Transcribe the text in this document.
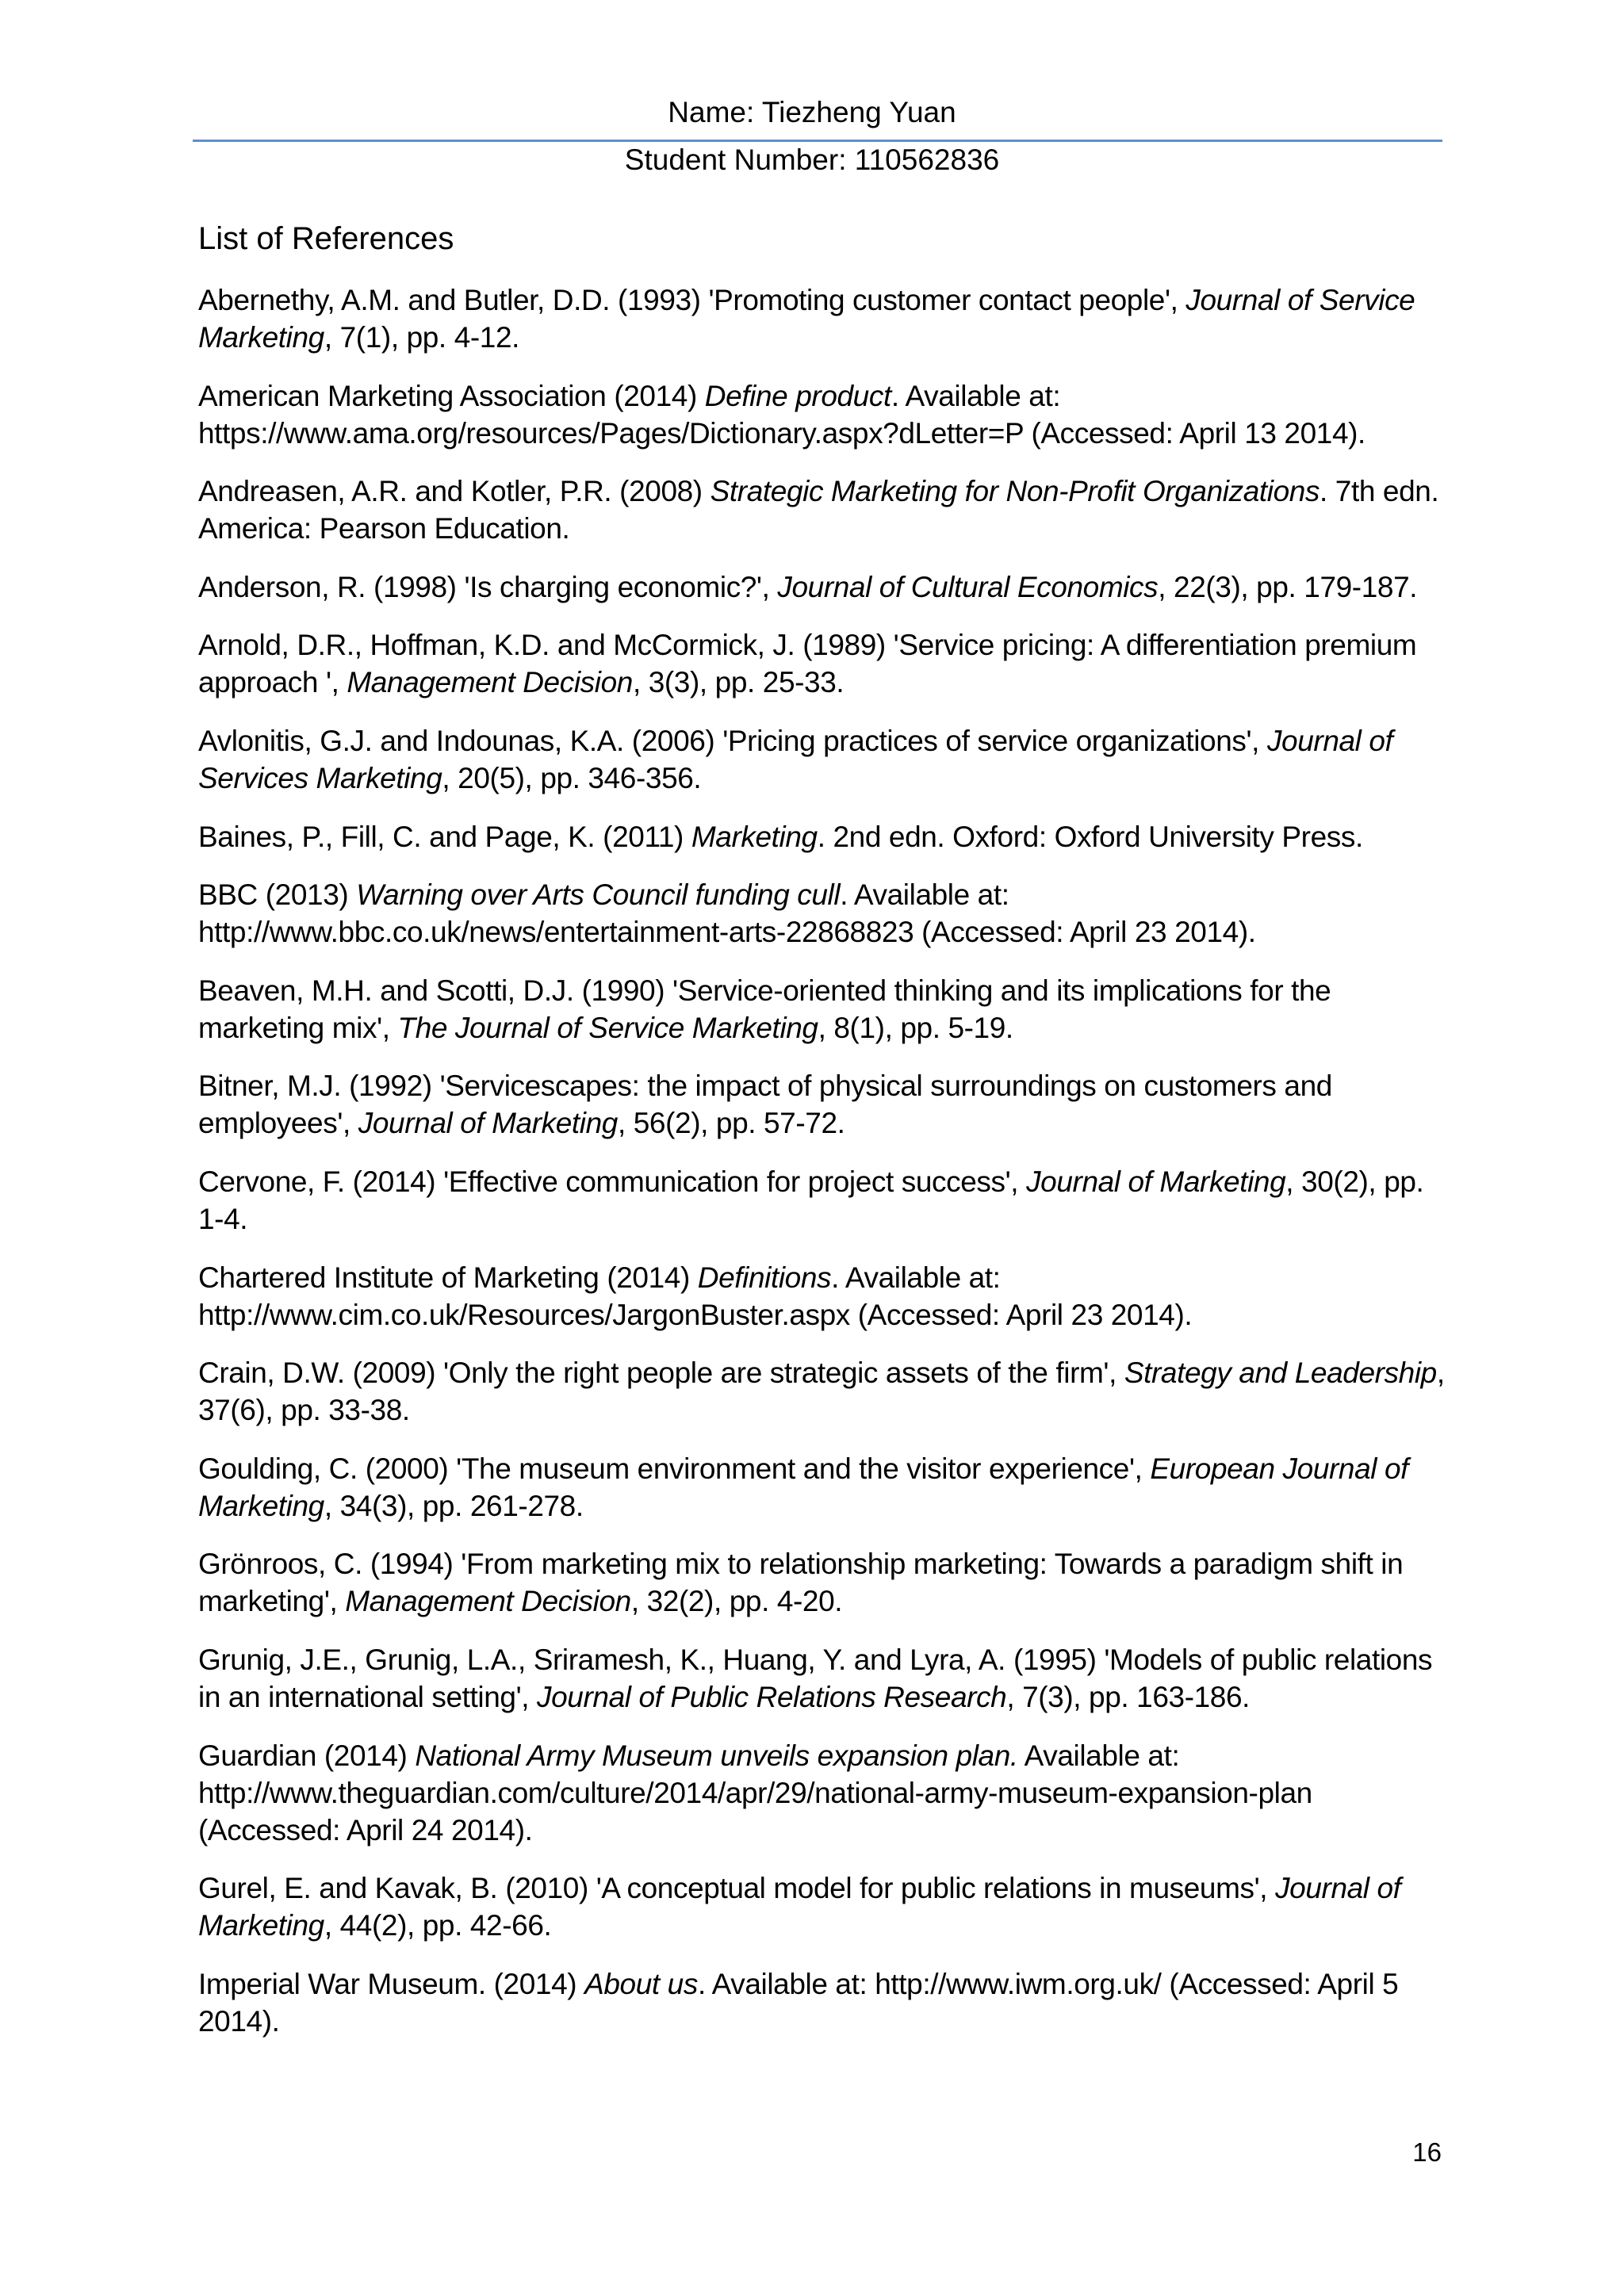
Name: Tiezheng Yuan
Student Number: 110562836
List of References

Abernethy, A.M. and Butler, D.D. (1993) 'Promoting customer contact people', Journal of Service Marketing, 7(1), pp. 4-12.

American Marketing Association (2014) Define product. Available at: https://www.ama.org/resources/Pages/Dictionary.aspx?dLetter=P (Accessed: April 13 2014).

Andreasen, A.R. and Kotler, P.R. (2008) Strategic Marketing for Non-Profit Organizations. 7th edn. America: Pearson Education.

Anderson, R. (1998) 'Is charging economic?', Journal of Cultural Economics, 22(3), pp. 179-187.

Arnold, D.R., Hoffman, K.D. and McCormick, J. (1989) 'Service pricing: A differentiation premium approach ', Management Decision, 3(3), pp. 25-33.

Avlonitis, G.J. and Indounas, K.A. (2006) 'Pricing practices of service organizations', Journal of Services Marketing, 20(5), pp. 346-356.

Baines, P., Fill, C. and Page, K. (2011) Marketing. 2nd edn. Oxford: Oxford University Press.

BBC (2013) Warning over Arts Council funding cull. Available at: http://www.bbc.co.uk/news/entertainment-arts-22868823 (Accessed: April 23 2014).

Beaven, M.H. and Scotti, D.J. (1990) 'Service-oriented thinking and its implications for the marketing mix', The Journal of Service Marketing, 8(1), pp. 5-19.

Bitner, M.J. (1992) 'Servicescapes: the impact of physical surroundings on customers and employees', Journal of Marketing, 56(2), pp. 57-72.

Cervone, F. (2014) 'Effective communication for project success', Journal of Marketing, 30(2), pp. 1-4.

Chartered Institute of Marketing (2014) Definitions. Available at: http://www.cim.co.uk/Resources/JargonBuster.aspx (Accessed: April 23 2014).

Crain, D.W. (2009) 'Only the right people are strategic assets of the firm', Strategy and Leadership, 37(6), pp. 33-38.

Goulding, C. (2000) 'The museum environment and the visitor experience', European Journal of Marketing, 34(3), pp. 261-278.

Grönroos, C. (1994) 'From marketing mix to relationship marketing: Towards a paradigm shift in marketing', Management Decision, 32(2), pp. 4-20.

Grunig, J.E., Grunig, L.A., Sriramesh, K., Huang, Y. and Lyra, A. (1995) 'Models of public relations in an international setting', Journal of Public Relations Research, 7(3), pp. 163-186.

Guardian (2014) National Army Museum unveils expansion plan. Available at: http://www.theguardian.com/culture/2014/apr/29/national-army-museum-expansion-plan (Accessed: April 24 2014).

Gurel, E. and Kavak, B. (2010) 'A conceptual model for public relations in museums', Journal of Marketing, 44(2), pp. 42-66.

Imperial War Museum. (2014) About us. Available at: http://www.iwm.org.uk/ (Accessed: April 5 2014).

16
